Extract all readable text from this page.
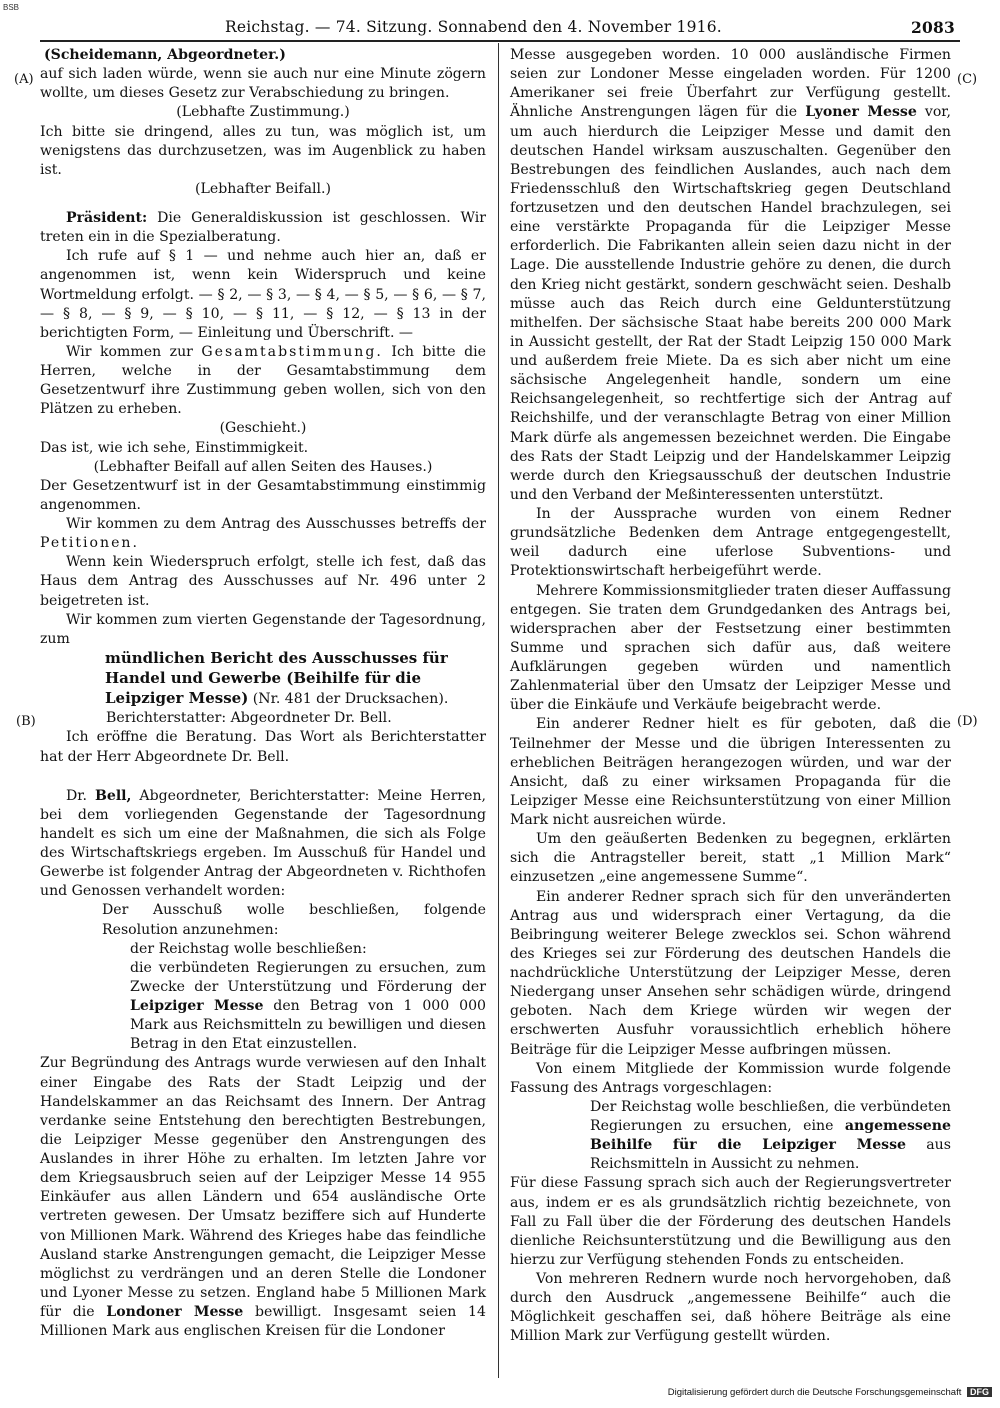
BSB
Reichstag. — 74. Sitzung. Sonnabend den 4. November 1916.	2083
(A)
(B)
(C)
(D)

(Scheidemann, Abgeordneter.)

auf sich laden würde, wenn sie auch nur eine Minute zögern wollte, um dieses Gesetz zur Verabschiedung zu bringen.

(Lebhafte Zustimmung.)

Ich bitte sie dringend, alles zu tun, was möglich ist, um wenigstens das durchzusetzen, was im Augenblick zu haben ist.

(Lebhafter Beifall.)

Präsident: Die Generaldiskussion ist geschlossen. Wir treten ein in die Spezialberatung.

Ich rufe auf § 1 — und nehme auch hier an, daß er angenommen ist, wenn kein Widerspruch und keine Wortmeldung erfolgt. — § 2, — § 3, — § 4, — § 5, — § 6, — § 7, — § 8, — § 9, — § 10, — § 11, — § 12, — § 13 in der berichtigten Form, — Einleitung und Überschrift. —

Wir kommen zur Gesamtabstimmung. Ich bitte die Herren, welche in der Gesamtabstimmung dem Gesetzentwurf ihre Zustimmung geben wollen, sich von den Plätzen zu erheben.

(Geschieht.)

Das ist, wie ich sehe, Einstimmigkeit.

(Lebhafter Beifall auf allen Seiten des Hauses.)

Der Gesetzentwurf ist in der Gesamtabstimmung einstimmig angenommen.

Wir kommen zu dem Antrag des Ausschusses betreffs der Petitionen.

Wenn kein Wiederspruch erfolgt, stelle ich fest, daß das Haus dem Antrag des Ausschusses auf Nr. 496 unter 2 beigetreten ist.

Wir kommen zum vierten Gegenstande der Tagesordnung, zum

mündlichen Bericht des Ausschusses für Handel und Gewerbe (Beihilfe für die Leipziger Messe) (Nr. 481 der Drucksachen).

Berichterstatter: Abgeordneter Dr. Bell.

Ich eröffne die Beratung. Das Wort als Berichterstatter hat der Herr Abgeordnete Dr. Bell.

Dr. Bell, Abgeordneter, Berichterstatter: Meine Herren, bei dem vorliegenden Gegenstande der Tagesordnung handelt es sich um eine der Maßnahmen, die sich als Folge des Wirtschaftskriegs ergeben. Im Ausschuß für Handel und Gewerbe ist folgender Antrag der Abgeordneten v. Richthofen und Genossen verhandelt worden:

Der Ausschuß wolle beschließen, folgende Resolution anzunehmen:

der Reichstag wolle beschließen:

die verbündeten Regierungen zu ersuchen, zum Zwecke der Unterstützung und Förderung der Leipziger Messe den Betrag von 1 000 000 Mark aus Reichsmitteln zu bewilligen und diesen Betrag in den Etat einzustellen.

Zur Begründung des Antrags wurde verwiesen auf den Inhalt einer Eingabe des Rats der Stadt Leipzig und der Handelskammer an das Reichsamt des Innern. Der Antrag verdanke seine Entstehung den berechtigten Bestrebungen, die Leipziger Messe gegenüber den Anstrengungen des Auslandes in ihrer Höhe zu erhalten. Im letzten Jahre vor dem Kriegsausbruch seien auf der Leipziger Messe 14 955 Einkäufer aus allen Ländern und 654 ausländische Orte vertreten gewesen. Der Umsatz beziffere sich auf Hunderte von Millionen Mark. Während des Krieges habe das feindliche Ausland starke Anstrengungen gemacht, die Leipziger Messe möglichst zu verdrängen und an deren Stelle die Londoner und Lyoner Messe zu setzen. England habe 5 Millionen Mark für die Londoner Messe bewilligt. Insgesamt seien 14 Millionen Mark aus englischen Kreisen für die Londoner

Messe ausgegeben worden. 10 000 ausländische Firmen seien zur Londoner Messe eingeladen worden. Für 1200 Amerikaner sei freie Überfahrt zur Verfügung gestellt. Ähnliche Anstrengungen lägen für die Lyoner Messe vor, um auch hierdurch die Leipziger Messe und damit den deutschen Handel wirksam auszuschalten. Gegenüber den Bestrebungen des feindlichen Auslandes, auch nach dem Friedensschluß den Wirtschaftskrieg gegen Deutschland fortzusetzen und den deutschen Handel brachzulegen, sei eine verstärkte Propaganda für die Leipziger Messe erforderlich. Die Fabrikanten allein seien dazu nicht in der Lage. Die ausstellende Industrie gehöre zu denen, die durch den Krieg nicht gestärkt, sondern geschwächt seien. Deshalb müsse auch das Reich durch eine Geldunterstützung mithelfen. Der sächsische Staat habe bereits 200 000 Mark in Aussicht gestellt, der Rat der Stadt Leipzig 150 000 Mark und außerdem freie Miete. Da es sich aber nicht um eine sächsische Angelegenheit handle, sondern um eine Reichsangelegenheit, so rechtfertige sich der Antrag auf Reichshilfe, und der veranschlagte Betrag von einer Million Mark dürfe als angemessen bezeichnet werden. Die Eingabe des Rats der Stadt Leipzig und der Handelskammer Leipzig werde durch den Kriegsausschuß der deutschen Industrie und den Verband der Meßinteressenten unterstützt.

In der Aussprache wurden von einem Redner grundsätzliche Bedenken dem Antrage entgegengestellt, weil dadurch eine uferlose Subventions- und Protektionswirtschaft herbeigeführt werde.

Mehrere Kommissionsmitglieder traten dieser Auffassung entgegen. Sie traten dem Grundgedanken des Antrags bei, widersprachen aber der Festsetzung einer bestimmten Summe und sprachen sich dafür aus, daß weitere Aufklärungen gegeben würden und namentlich Zahlenmaterial über den Umsatz der Leipziger Messe und über die Einkäufe und Verkäufe beigebracht werde.

Ein anderer Redner hielt es für geboten, daß die Teilnehmer der Messe und die übrigen Interessenten zu erheblichen Beiträgen herangezogen würden, und war der Ansicht, daß zu einer wirksamen Propaganda für die Leipziger Messe eine Reichsunterstützung von einer Million Mark nicht ausreichen würde.

Um den geäußerten Bedenken zu begegnen, erklärten sich die Antragsteller bereit, statt „1 Million Mark“ einzusetzen „eine angemessene Summe“.

Ein anderer Redner sprach sich für den unveränderten Antrag aus und widersprach einer Vertagung, da die Beibringung weiterer Belege zwecklos sei. Schon während des Krieges sei zur Förderung des deutschen Handels die nachdrückliche Unterstützung der Leipziger Messe, deren Niedergang unser Ansehen sehr schädigen würde, dringend geboten. Nach dem Kriege würden wir wegen der erschwerten Ausfuhr voraussichtlich erheblich höhere Beiträge für die Leipziger Messe aufbringen müssen.

Von einem Mitgliede der Kommission wurde folgende Fassung des Antrags vorgeschlagen:

Der Reichstag wolle beschließen, die verbündeten Regierungen zu ersuchen, eine angemessene Beihilfe für die Leipziger Messe aus Reichsmitteln in Aussicht zu nehmen.

Für diese Fassung sprach sich auch der Regierungsvertreter aus, indem er es als grundsätzlich richtig bezeichnete, von Fall zu Fall über die der Förderung des deutschen Handels dienliche Reichsunterstützung und die Bewilligung aus den hierzu zur Verfügung stehenden Fonds zu entscheiden.

Von mehreren Rednern wurde noch hervorgehoben, daß durch den Ausdruck „angemessene Beihilfe“ auch die Möglichkeit geschaffen sei, daß höhere Beiträge als eine Million Mark zur Verfügung gestellt würden.

Digitalisierung gefördert durch die Deutsche Forschungsgemeinschaft DFG
